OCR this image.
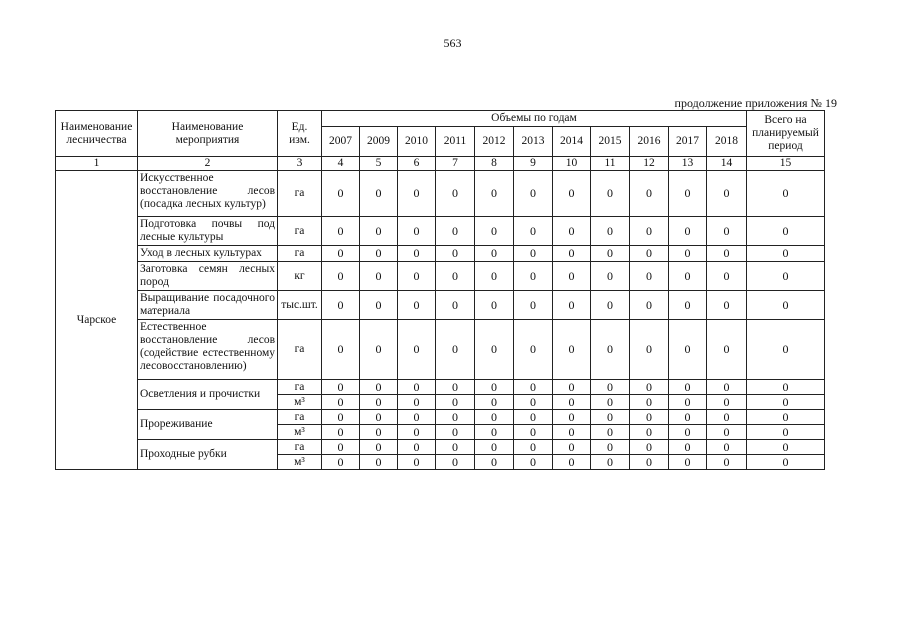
563
продолжение приложения № 19
Наименование лесничества	Наименование мероприятия	Ед. изм.	Объемы по годам											Всего на планируемый период
			2007	2009	2010	2011	2012	2013	2014	2015	2016	2017	2018	
1	2	3	4	5	6	7	8	9	10	11	12	13	14	15
Чарское	Искусственное восстановление лесов (посадка лесных культур)	га	0	0	0	0	0	0	0	0	0	0	0	0
	Подготовка почвы под лесные культуры	га	0	0	0	0	0	0	0	0	0	0	0	0
	Уход в лесных культурах	га	0	0	0	0	0	0	0	0	0	0	0	0
	Заготовка семян лесных пород	кг	0	0	0	0	0	0	0	0	0	0	0	0
	Выращивание посадочного материала	тыс.шт.	0	0	0	0	0	0	0	0	0	0	0	0
	Естественное восстановление лесов (содействие естественному лесовосстановлению)	га	0	0	0	0	0	0	0	0	0	0	0	0
	Осветления и прочистки	га	0	0	0	0	0	0	0	0	0	0	0	0
		м³	0	0	0	0	0	0	0	0	0	0	0	0
	Прореживание	га	0	0	0	0	0	0	0	0	0	0	0	0
		м³	0	0	0	0	0	0	0	0	0	0	0	0
	Проходные рубки	га	0	0	0	0	0	0	0	0	0	0	0	0
		м³	0	0	0	0	0	0	0	0	0	0	0	0
